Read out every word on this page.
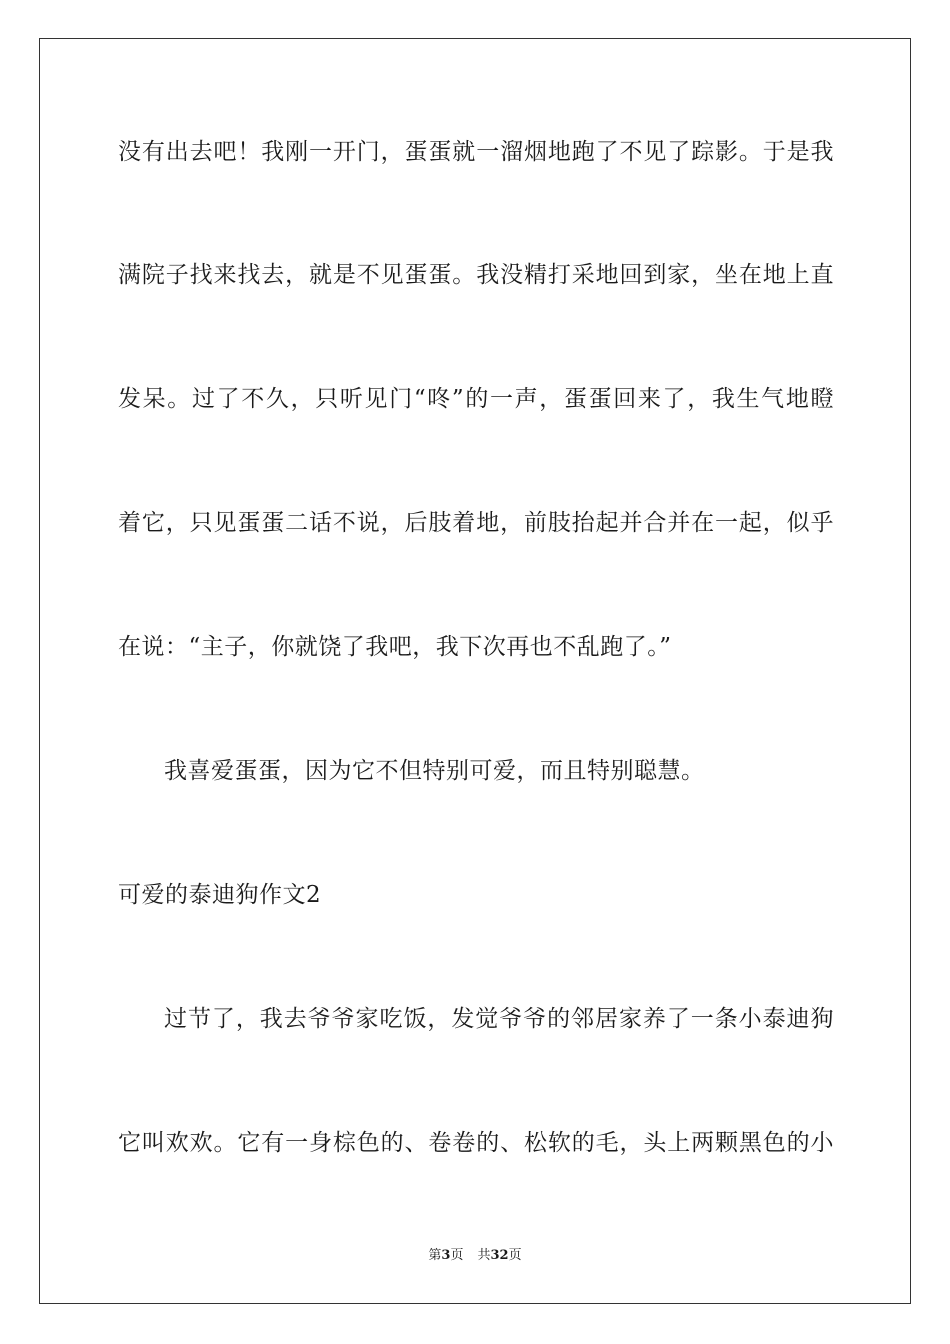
没有出去吧！我刚一开门，蛋蛋就一溜烟地跑了不见了踪影。于是我
满院子找来找去，就是不见蛋蛋。我没精打采地回到家，坐在地上直
发呆。过了不久，只听见门“咚”的一声，蛋蛋回来了，我生气地瞪
着它，只见蛋蛋二话不说，后肢着地，前肢抬起并合并在一起，似乎
在说：“主子，你就饶了我吧，我下次再也不乱跑了。”
我喜爱蛋蛋，因为它不但特别可爱，而且特别聪慧。
可爱的泰迪狗作文2
过节了，我去爷爷家吃饭，发觉爷爷的邻居家养了一条小泰迪狗
它叫欢欢。它有一身棕色的、卷卷的、松软的毛，头上两颗黑色的小
第3页 共32页
